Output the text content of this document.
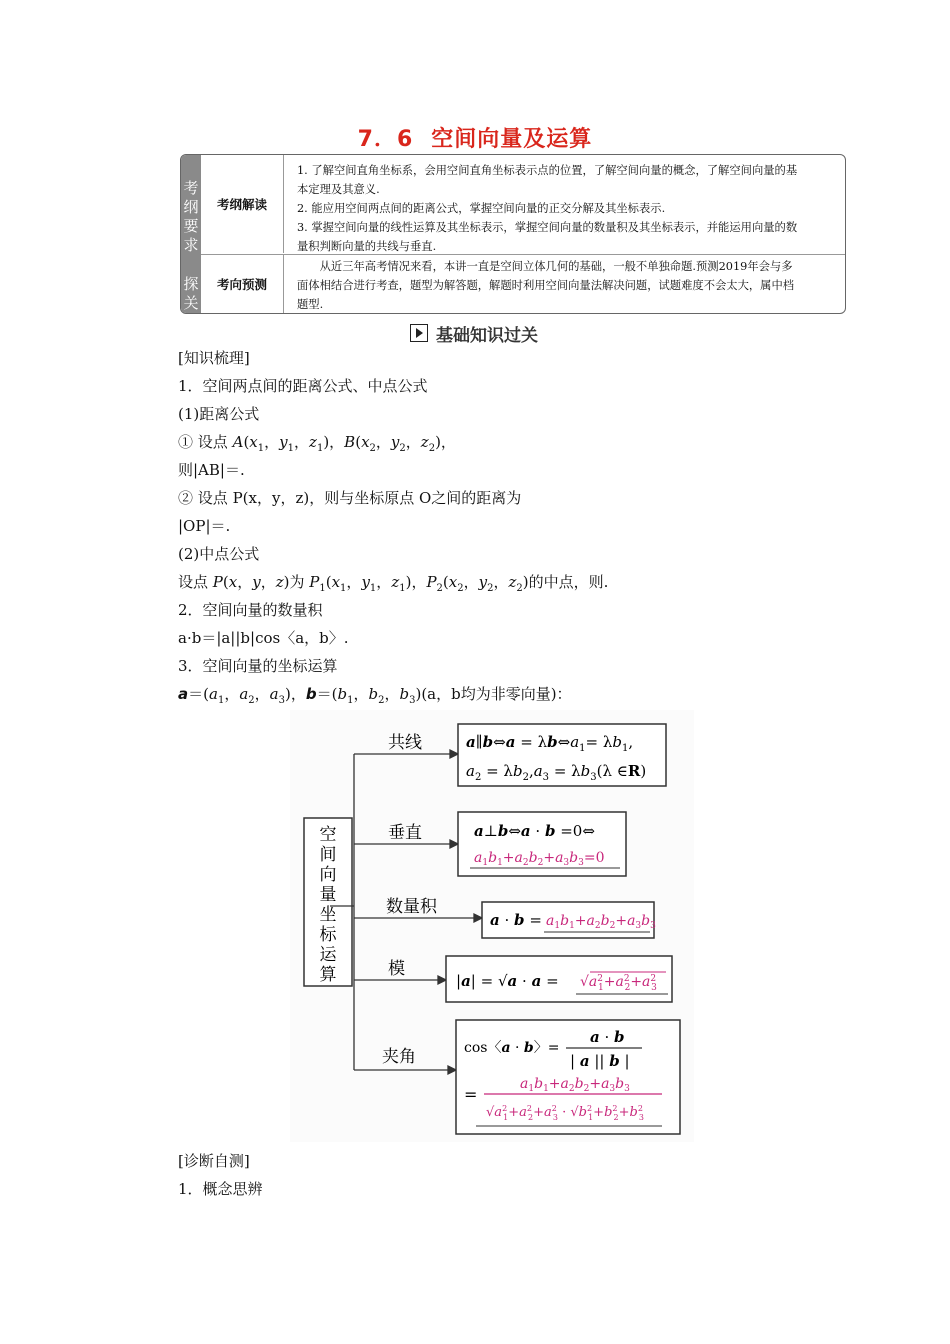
7．6 空间向量及运算
考
纲
要
求
探
关
考纲解读

1. 了解空间直角坐标系，会用空间直角坐标表示点的位置，了解空间向量的概念，了解空间向量的基

本定理及其意义.

2. 能应用空间两点间的距离公式，掌握空间向量的正交分解及其坐标表示.

3. 掌握空间向量的线性运算及其坐标表示，掌握空间向量的数量积及其坐标表示，并能运用向量的数

量积判断向量的共线与垂直.

考向预测

　　从近三年高考情况来看，本讲一直是空间立体几何的基础，一般不单独命题.预测2019年会与多

面体相结合进行考查，题型为解答题，解题时利用空间向量法解决问题，试题难度不会太大，属中档

题型.

基础知识过关
[知识梳理]
1．空间两点间的距离公式、中点公式
(1)距离公式
① 设点 $A(x_1$，$y_1$，$z_1$)，$B(x_2$，$y_2$，$z_2$)，
则|AB|＝.
② 设点 P(x，y，z)，则与坐标原点 O之间的距离为
|OP|＝.
(2)中点公式
设点 P(x，y，z)为 $P_1(x_1$，$y_1$，$z_1$)，$P_2(x_2$，$y_2$，$z_2$)的中点，则.
2．空间向量的数量积
a·b＝|a||b|cos〈a，b〉.
3．空间向量的坐标运算
$a=(a_1$，$a_2$，$a_3$)，$b=(b_1$，$b_2$，$b_3)(a$，b均为非零向量)：
空
间
向
量
坐
标
运
算
共线
垂直
数量积
模
夹角
a∥b⇔a = $\lambda b\Leftrightarrow a_1= \lambda b_1$,
$a_2 = \lambda b_2,a_3 = \lambda b_3(\lambda$ ∈R)
a⊥b⇔a · b =0⇔
$a_1b_1+a_2b_2+a_3b_3=0$
$a \cdot b = a_1b_1+a_2b_2+a_3b_3$
$|a| = √a \cdot a = √a^2$ $1+a^2$ $2+a^2$ 3
cos〈a · b〉=
a · b
| a || b |
=
$a_1b_1+a_2b_2+a_3b_3$
$√a^2$ $1+a^2$ $2+a^2$ $3 \cdot √b^2$ $1+b^2$ $2+b^2$ 3
[诊断自测]
1．概念思辨
